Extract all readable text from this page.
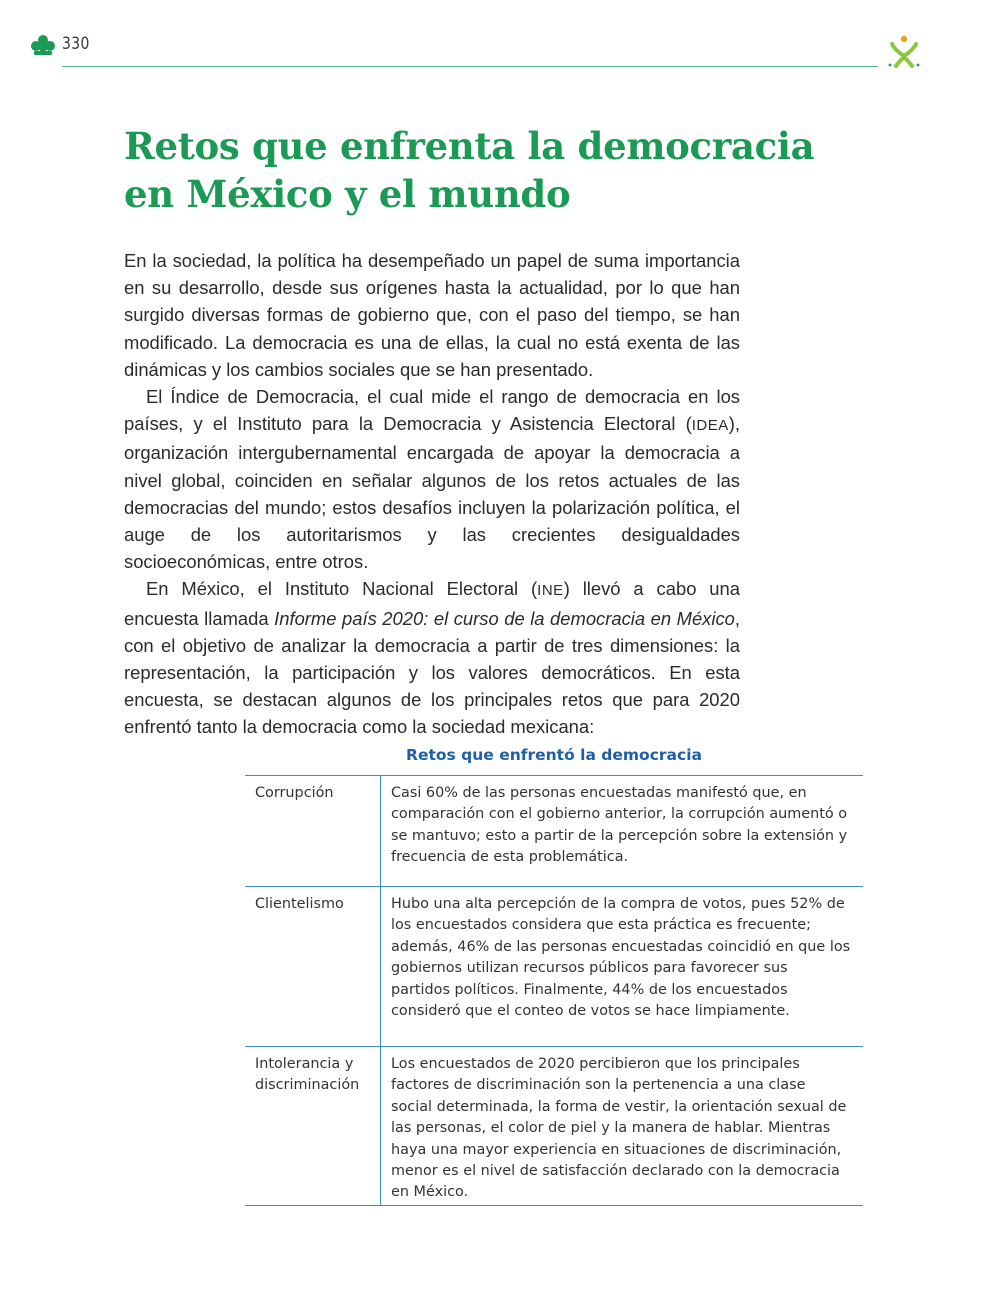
330
Retos que enfrenta la democracia
en México y el mundo

En la sociedad, la política ha desempeñado un papel de suma importancia en su desarrollo, desde sus orígenes hasta la actualidad, por lo que han surgido diversas formas de gobierno que, con el paso del tiempo, se han modificado. La democracia es una de ellas, la cual no está exenta de las dinámicas y los cambios sociales que se han presentado.

El Índice de Democracia, el cual mide el rango de democracia en los países, y el Instituto para la Democracia y Asistencia Electoral (IDEA), organización intergubernamental encargada de apoyar la democracia a nivel global, coinciden en señalar algunos de los retos actuales de las democracias del mundo; estos desafíos incluyen la polarización política, el auge de los autoritarismos y las crecientes desigualdades socioeconómicas, entre otros.

En México, el Instituto Nacional Electoral (INE) llevó a cabo una encuesta llamada Informe país 2020: el curso de la democracia en México, con el objetivo de analizar la democracia a partir de tres dimensiones: la representación, la participación y los valores democráticos. En esta encuesta, se destacan algunos de los principales retos que para 2020 enfrentó tanto la democracia como la sociedad mexicana:

Retos que enfrentó la democracia
Corrupción	Casi 60% de las personas encuestadas manifestó que, en comparación con el gobierno anterior, la corrupción aumentó o se mantuvo; esto a partir de la percepción sobre la extensión y frecuencia de esta problemática.
Clientelismo	Hubo una alta percepción de la compra de votos, pues 52% de los encuestados considera que esta práctica es frecuente; además, 46% de las personas encuestadas coincidió en que los gobiernos utilizan recursos públicos para favorecer sus partidos políticos. Finalmente, 44% de los encuestados consideró que el conteo de votos se hace limpiamente.
Intolerancia y discriminación	Los encuestados de 2020 percibieron que los principales factores de discriminación son la pertenencia a una clase social determinada, la forma de vestir, la orientación sexual de las personas, el color de piel y la manera de hablar. Mientras haya una mayor experiencia en situaciones de discriminación, menor es el nivel de satisfacción declarado con la democracia en México.
